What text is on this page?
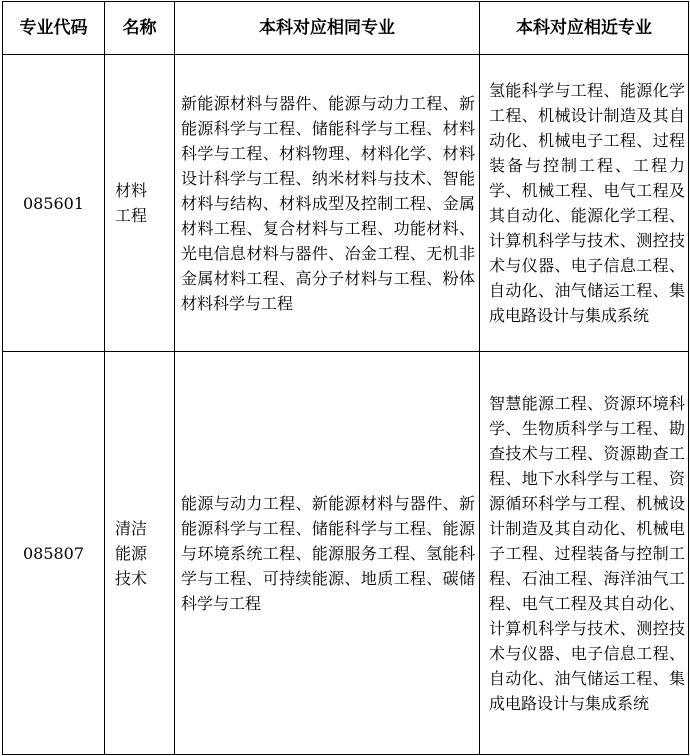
专业代码	名称	本科对应相同专业	本科对应相近专业
085601	材料工程	新能源材料与器件、能源与动力工程、新能源科学与工程、储能科学与工程、材料科学与工程、材料物理、材料化学、材料设计科学与工程、纳米材料与技术、智能材料与结构、材料成型及控制工程、金属材料工程、复合材料与工程、功能材料、光电信息材料与器件、冶金工程、无机非金属材料工程、高分子材料与工程、粉体材料科学与工程	氢能科学与工程、能源化学工程、机械设计制造及其自动化、机械电子工程、过程装备与控制工程、工程力学、机械工程、电气工程及其自动化、能源化学工程、计算机科学与技术、测控技术与仪器、电子信息工程、自动化、油气储运工程、集成电路设计与集成系统
085807	清洁能源技术	能源与动力工程、新能源材料与器件、新能源科学与工程、储能科学与工程、能源与环境系统工程、能源服务工程、氢能科学与工程、可持续能源、地质工程、碳储科学与工程	智慧能源工程、资源环境科学、生物质科学与工程、勘查技术与工程、资源勘查工程、地下水科学与工程、资源循环科学与工程、机械设计制造及其自动化、机械电子工程、过程装备与控制工程、石油工程、海洋油气工程、电气工程及其自动化、计算机科学与技术、测控技术与仪器、电子信息工程、自动化、油气储运工程、集成电路设计与集成系统
